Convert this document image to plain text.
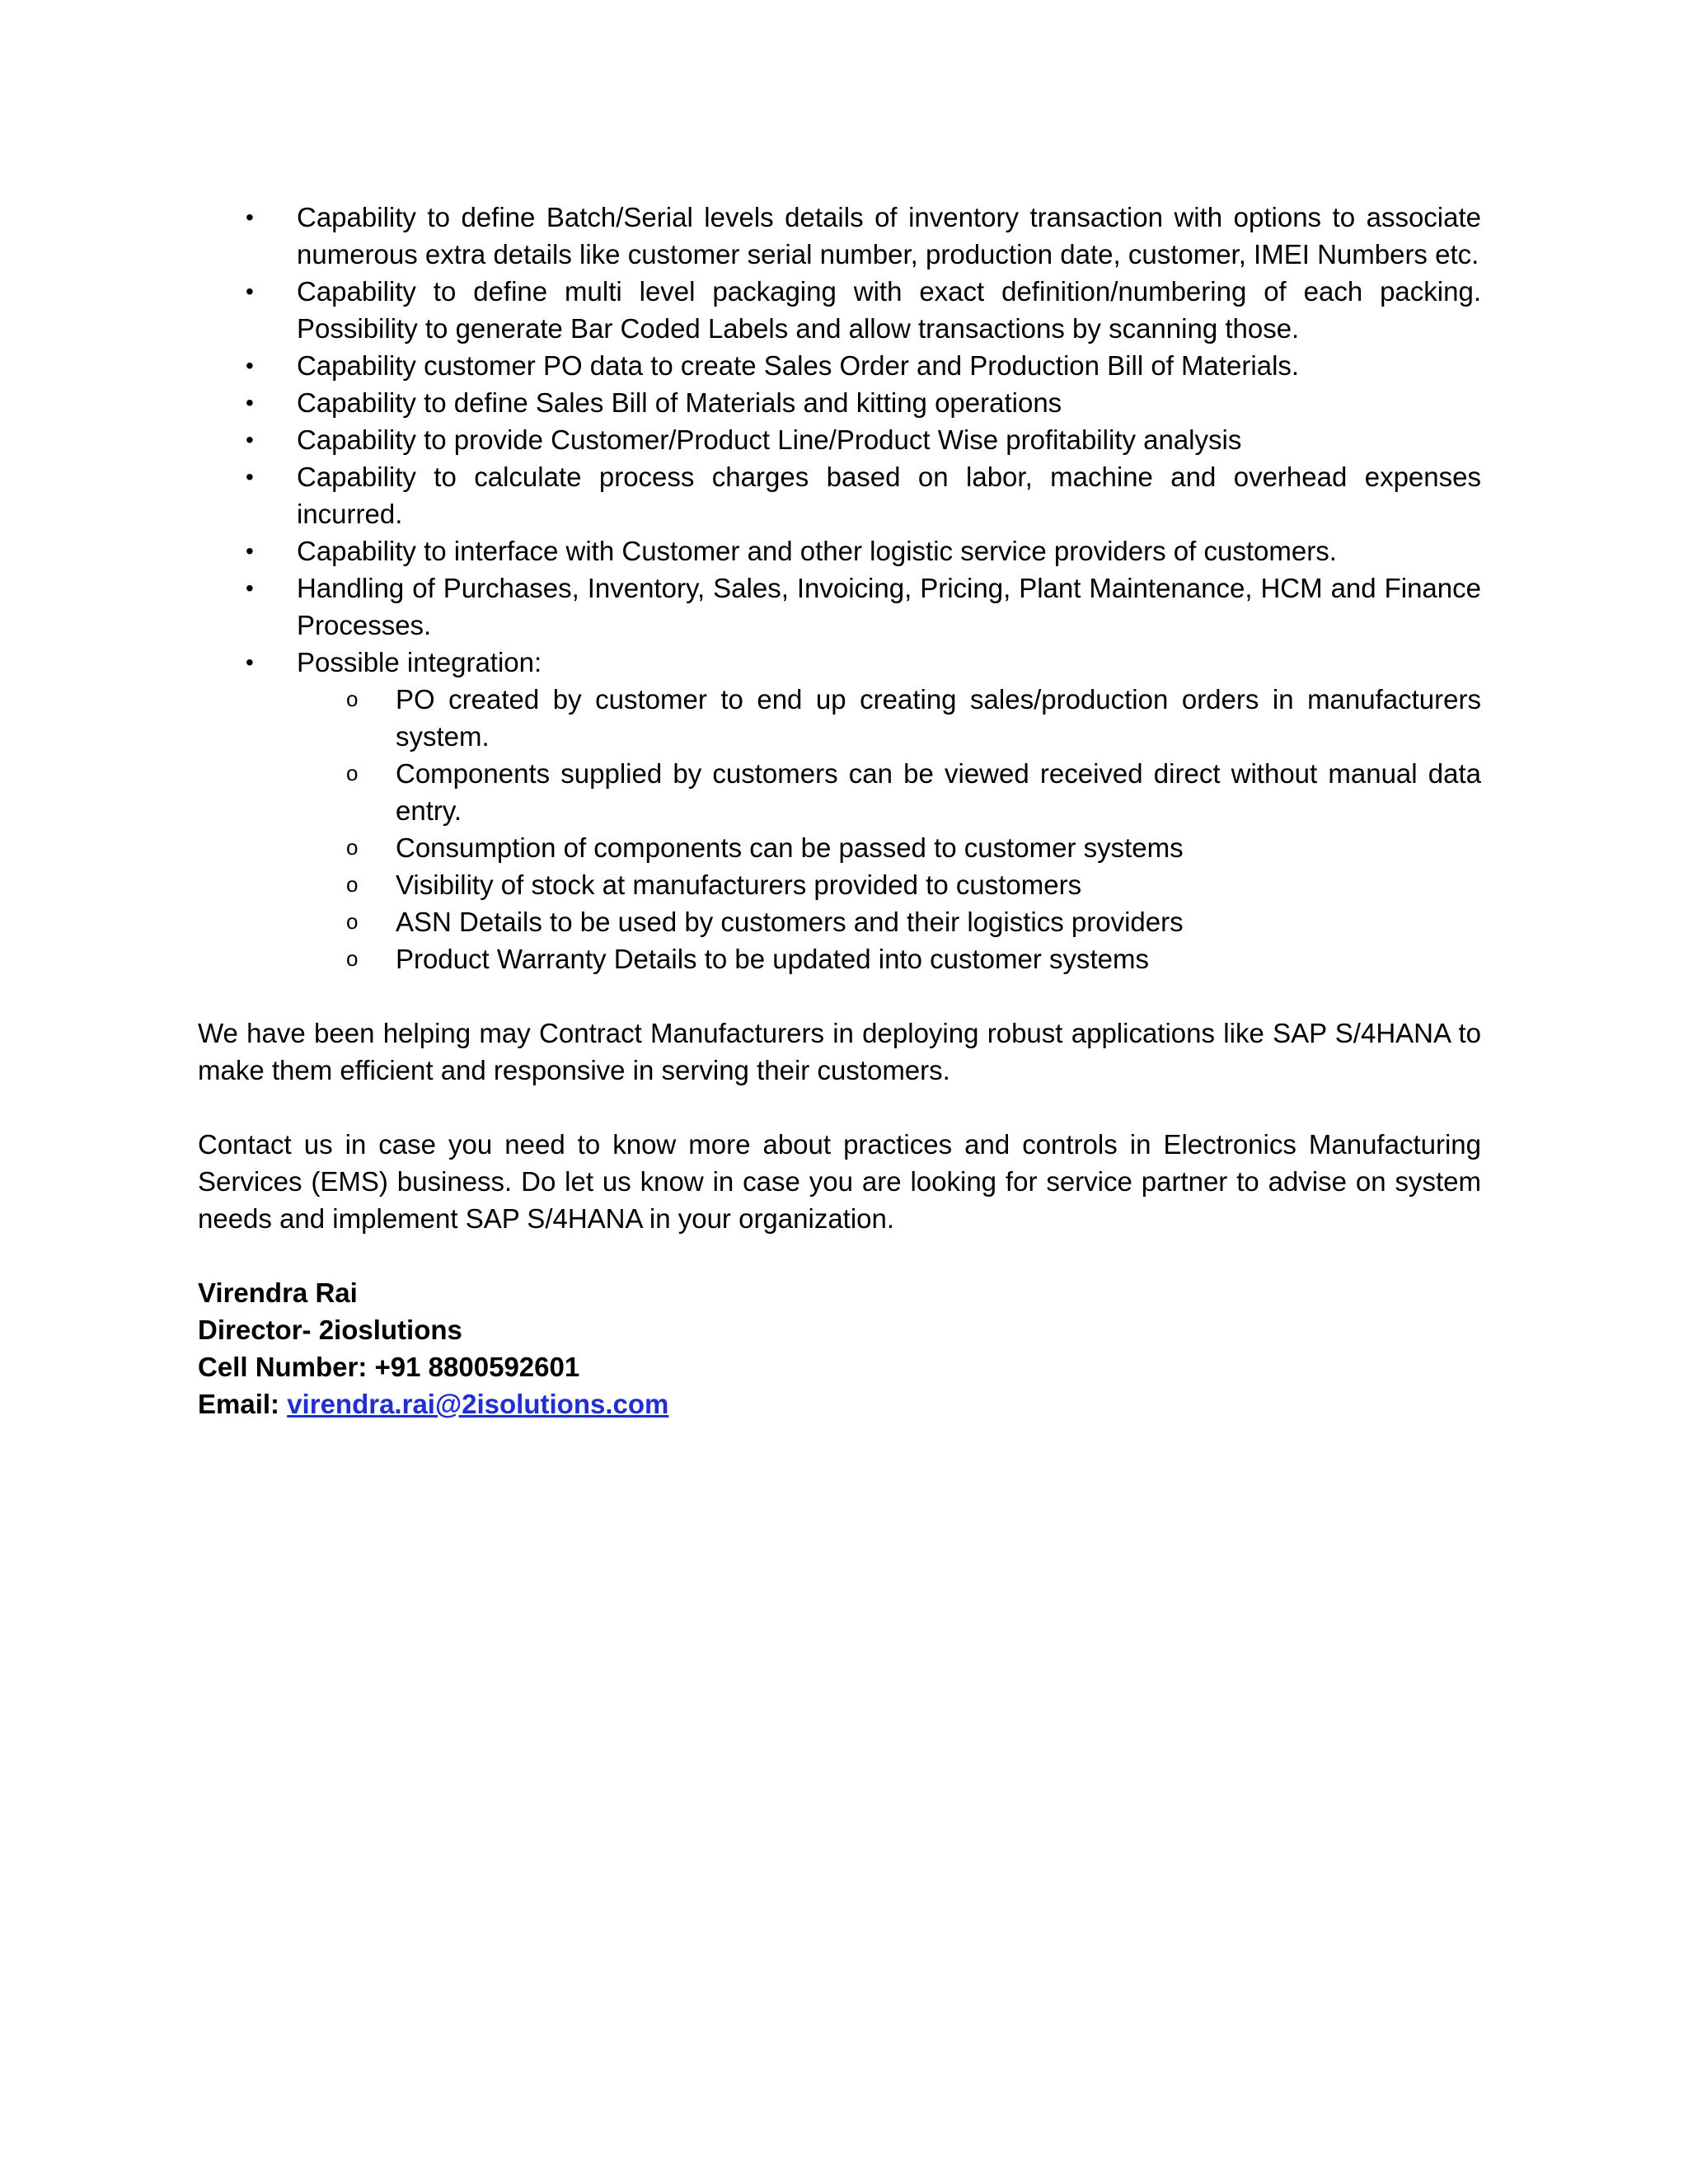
•	Capability to define Batch/Serial levels details of inventory transaction with options to associate numerous extra details like customer serial number, production date, customer, IMEI Numbers etc.
•	Capability to define multi level packaging with exact definition/numbering of each packing. Possibility to generate Bar Coded Labels and allow transactions by scanning those.
•	Capability customer PO data to create Sales Order and Production Bill of Materials.
•	Capability to define Sales Bill of Materials and kitting operations
•	Capability to provide Customer/Product Line/Product Wise profitability analysis
•	Capability to calculate process charges based on labor, machine and overhead expenses incurred.
•	Capability to interface with Customer and other logistic service providers of customers.
•	Handling of Purchases, Inventory, Sales, Invoicing, Pricing, Plant Maintenance, HCM and Finance Processes.
•	Possible integration:
o PO created by customer to end up creating sales/production orders in manufacturers system.
o Components supplied by customers can be viewed received direct without manual data entry.
o Consumption of components can be passed to customer systems
o Visibility of stock at manufacturers provided to customers
o ASN Details to be used by customers and their logistics providers
o Product Warranty Details to be updated into customer systems

We have been helping may Contract Manufacturers in deploying robust applications like SAP S/4HANA to make them efficient and responsive in serving their customers.

Contact us in case you need to know more about practices and controls in Electronics Manufacturing Services (EMS) business. Do let us know in case you are looking for service partner to advise on system needs and implement SAP S/4HANA in your organization.

Virendra Rai
Director- 2ioslutions
Cell Number: +91 8800592601
Email: virendra.rai@2isolutions.com
